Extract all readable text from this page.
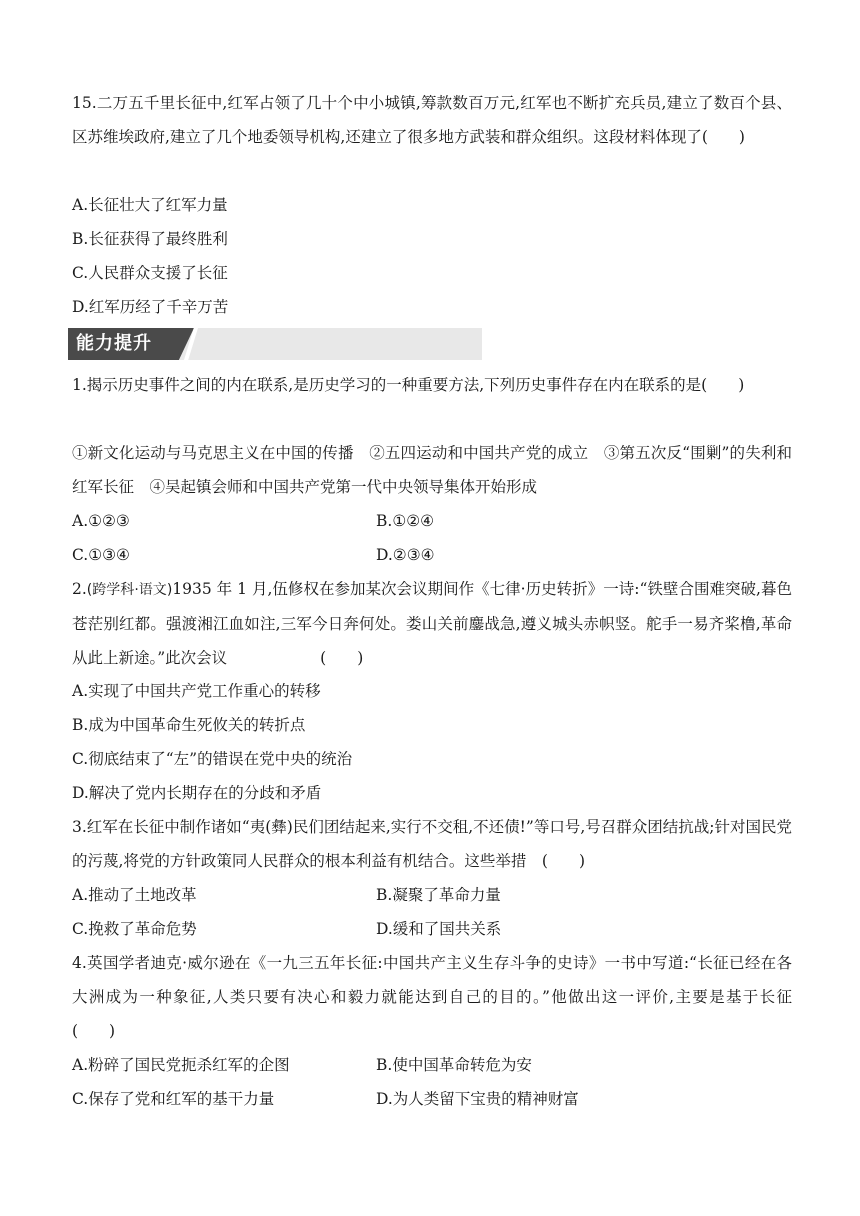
15.二万五千里长征中,红军占领了几十个中小城镇,筹款数百万元,红军也不断扩充兵员,建立了数百个县、区苏维埃政府,建立了几个地委领导机构,还建立了很多地方武装和群众组织。这段材料体现了(　　)

A.长征壮大了红军力量
B.长征获得了最终胜利
C.人民群众支援了长征
D.红军历经了千辛万苦
能力提升

1.揭示历史事件之间的内在联系,是历史学习的一种重要方法,下列历史事件存在内在联系的是(　　)

①新文化运动与马克思主义在中国的传播　②五四运动和中国共产党的成立　③第五次反“围剿”的失利和红军长征　④吴起镇会师和中国共产党第一代中央领导集体开始形成

A.①②③	B.①②④
C.①③④	D.②③④

2.(跨学科·语文)1935 年 1 月,伍修权在参加某次会议期间作《七律·历史转折》一诗:“铁壁合围难突破,暮色苍茫别红都。强渡湘江血如注,三军今日奔何处。娄山关前鏖战急,遵义城头赤帜竖。舵手一易齐桨橹,革命从此上新途。”此次会议　　　　　　(　　)

A.实现了中国共产党工作重心的转移
B.成为中国革命生死攸关的转折点
C.彻底结束了“左”的错误在党中央的统治
D.解决了党内长期存在的分歧和矛盾

3.红军在长征中制作诸如“夷(彝)民们团结起来,实行不交租,不还债!”等口号,号召群众团结抗战;针对国民党的污蔑,将党的方针政策同人民群众的根本利益有机结合。这些举措　(　　)

A.推动了土地改革	B.凝聚了革命力量
C.挽救了革命危势	D.缓和了国共关系

4.英国学者迪克·威尔逊在《一九三五年长征:中国共产主义生存斗争的史诗》一书中写道:“长征已经在各大洲成为一种象征,人类只要有决心和毅力就能达到自己的目的。”他做出这一评价,主要是基于长征　　　(　　)

A.粉碎了国民党扼杀红军的企图	B.使中国革命转危为安
C.保存了党和红军的基干力量	D.为人类留下宝贵的精神财富
